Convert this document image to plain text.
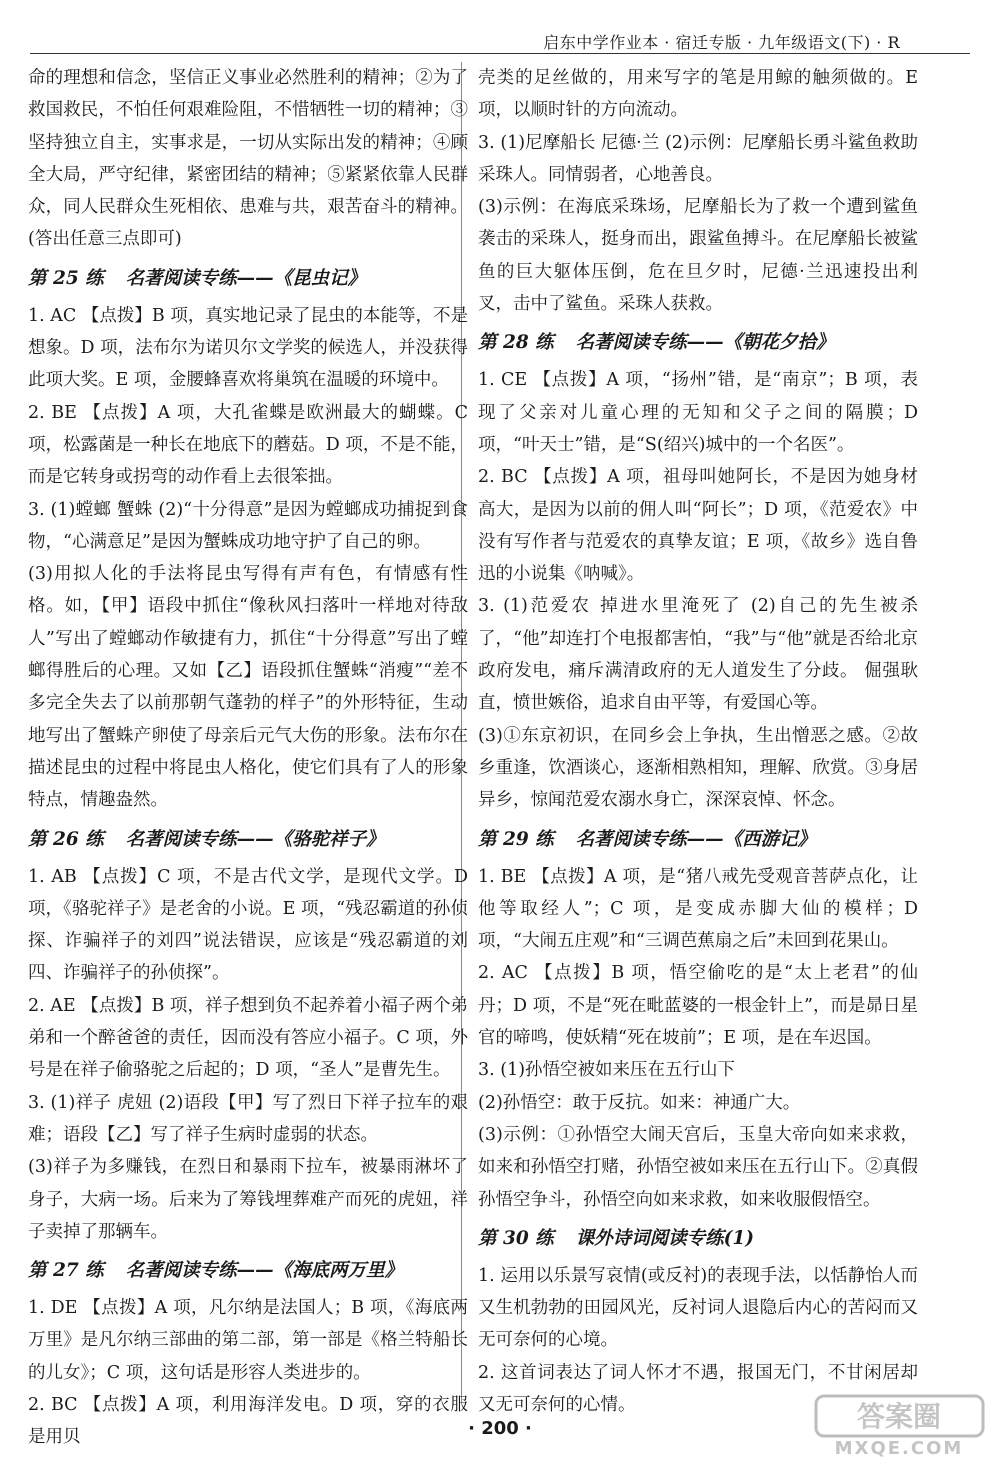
启东中学作业本 · 宿迁专版 · 九年级语文(下) · R

命的理想和信念，坚信正义事业必然胜利的精神；②为了救国救民，不怕任何艰难险阻，不惜牺牲一切的精神；③坚持独立自主，实事求是，一切从实际出发的精神；④顾全大局，严守纪律，紧密团结的精神；⑤紧紧依靠人民群众，同人民群众生死相依、患难与共，艰苦奋斗的精神。(答出任意三点即可)

第 25 练 名著阅读专练——《昆虫记》

1. AC 【点拨】B 项，真实地记录了昆虫的本能等，不是想象。D 项，法布尔为诺贝尔文学奖的候选人，并没获得此项大奖。E 项，金腰蜂喜欢将巢筑在温暖的环境中。

2. BE 【点拨】A 项，大孔雀蝶是欧洲最大的蝴蝶。C 项，松露菌是一种长在地底下的蘑菇。D 项，不是不能，而是它转身或拐弯的动作看上去很笨拙。

3. (1)螳螂 蟹蛛 (2)“十分得意”是因为螳螂成功捕捉到食物，“心满意足”是因为蟹蛛成功地守护了自己的卵。

(3)用拟人化的手法将昆虫写得有声有色，有情感有性格。如，【甲】语段中抓住“像秋风扫落叶一样地对待敌人”写出了螳螂动作敏捷有力，抓住“十分得意”写出了螳螂得胜后的心理。又如【乙】语段抓住蟹蛛“消瘦”“差不多完全失去了以前那朝气蓬勃的样子”的外形特征，生动地写出了蟹蛛产卵使了母亲后元气大伤的形象。法布尔在描述昆虫的过程中将昆虫人格化，使它们具有了人的形象特点，情趣盎然。

第 26 练 名著阅读专练——《骆驼祥子》

1. AB 【点拨】C 项，不是古代文学，是现代文学。D 项，《骆驼祥子》是老舍的小说。E 项，“残忍霸道的孙侦探、诈骗祥子的刘四”说法错误，应该是“残忍霸道的刘四、诈骗祥子的孙侦探”。

2. AE 【点拨】B 项，祥子想到负不起养着小福子两个弟弟和一个醉爸爸的责任，因而没有答应小福子。C 项，外号是在祥子偷骆驼之后起的；D 项，“圣人”是曹先生。

3. (1)祥子 虎妞 (2)语段【甲】写了烈日下祥子拉车的艰难；语段【乙】写了祥子生病时虚弱的状态。

(3)祥子为多赚钱，在烈日和暴雨下拉车，被暴雨淋坏了身子，大病一场。后来为了筹钱埋葬难产而死的虎妞，祥子卖掉了那辆车。

第 27 练 名著阅读专练——《海底两万里》

1. DE 【点拨】A 项，凡尔纳是法国人；B 项，《海底两万里》是凡尔纳三部曲的第二部，第一部是《格兰特船长的儿女》；C 项，这句话是形容人类进步的。

2. BC 【点拨】A 项，利用海洋发电。D 项，穿的衣服是用贝

壳类的足丝做的，用来写字的笔是用鲸的触须做的。E 项，以顺时针的方向流动。

3. (1)尼摩船长 尼德·兰 (2)示例：尼摩船长勇斗鲨鱼救助采珠人。同情弱者，心地善良。

(3)示例：在海底采珠场，尼摩船长为了救一个遭到鲨鱼袭击的采珠人，挺身而出，跟鲨鱼搏斗。在尼摩船长被鲨鱼的巨大躯体压倒，危在旦夕时，尼德·兰迅速投出利叉，击中了鲨鱼。采珠人获救。

第 28 练 名著阅读专练——《朝花夕拾》

1. CE 【点拨】A 项，“扬州”错，是“南京”；B 项，表现了父亲对儿童心理的无知和父子之间的隔膜；D 项，“叶天士”错，是“S(绍兴)城中的一个名医”。

2. BC 【点拨】A 项，祖母叫她阿长，不是因为她身材高大，是因为以前的佣人叫“阿长”；D 项，《范爱农》中没有写作者与范爱农的真挚友谊；E 项，《故乡》选自鲁迅的小说集《呐喊》。

3. (1)范爱农 掉进水里淹死了 (2)自己的先生被杀了，“他”却连打个电报都害怕，“我”与“他”就是否给北京政府发电，痛斥满清政府的无人道发生了分歧。 倔强耿直，愤世嫉俗，追求自由平等，有爱国心等。

(3)①东京初识，在同乡会上争执，生出憎恶之感。②故乡重逢，饮酒谈心，逐渐相熟相知，理解、欣赏。③身居异乡，惊闻范爱农溺水身亡，深深哀悼、怀念。

第 29 练 名著阅读专练——《西游记》

1. BE 【点拨】A 项，是“猪八戒先受观音菩萨点化，让他等取经人”；C 项，是变成赤脚大仙的模样；D 项，“大闹五庄观”和“三调芭蕉扇之后”未回到花果山。

2. AC 【点拨】B 项，悟空偷吃的是“太上老君”的仙丹；D 项，不是“死在毗蓝婆的一根金针上”，而是昴日星官的啼鸣，使妖精“死在坡前”；E 项，是在车迟国。

3. (1)孙悟空被如来压在五行山下

(2)孙悟空：敢于反抗。如来：神通广大。

(3)示例：①孙悟空大闹天宫后，玉皇大帝向如来求救，如来和孙悟空打赌，孙悟空被如来压在五行山下。②真假孙悟空争斗，孙悟空向如来求救，如来收服假悟空。

第 30 练 课外诗词阅读专练(1)

1. 运用以乐景写哀情(或反衬)的表现手法，以恬静怡人而又生机勃勃的田园风光，反衬词人退隐后内心的苦闷而又无可奈何的心境。

2. 这首词表达了词人怀才不遇，报国无门，不甘闲居却又无可奈何的心情。

· 200 ·	答案圈
MXQE.COM
